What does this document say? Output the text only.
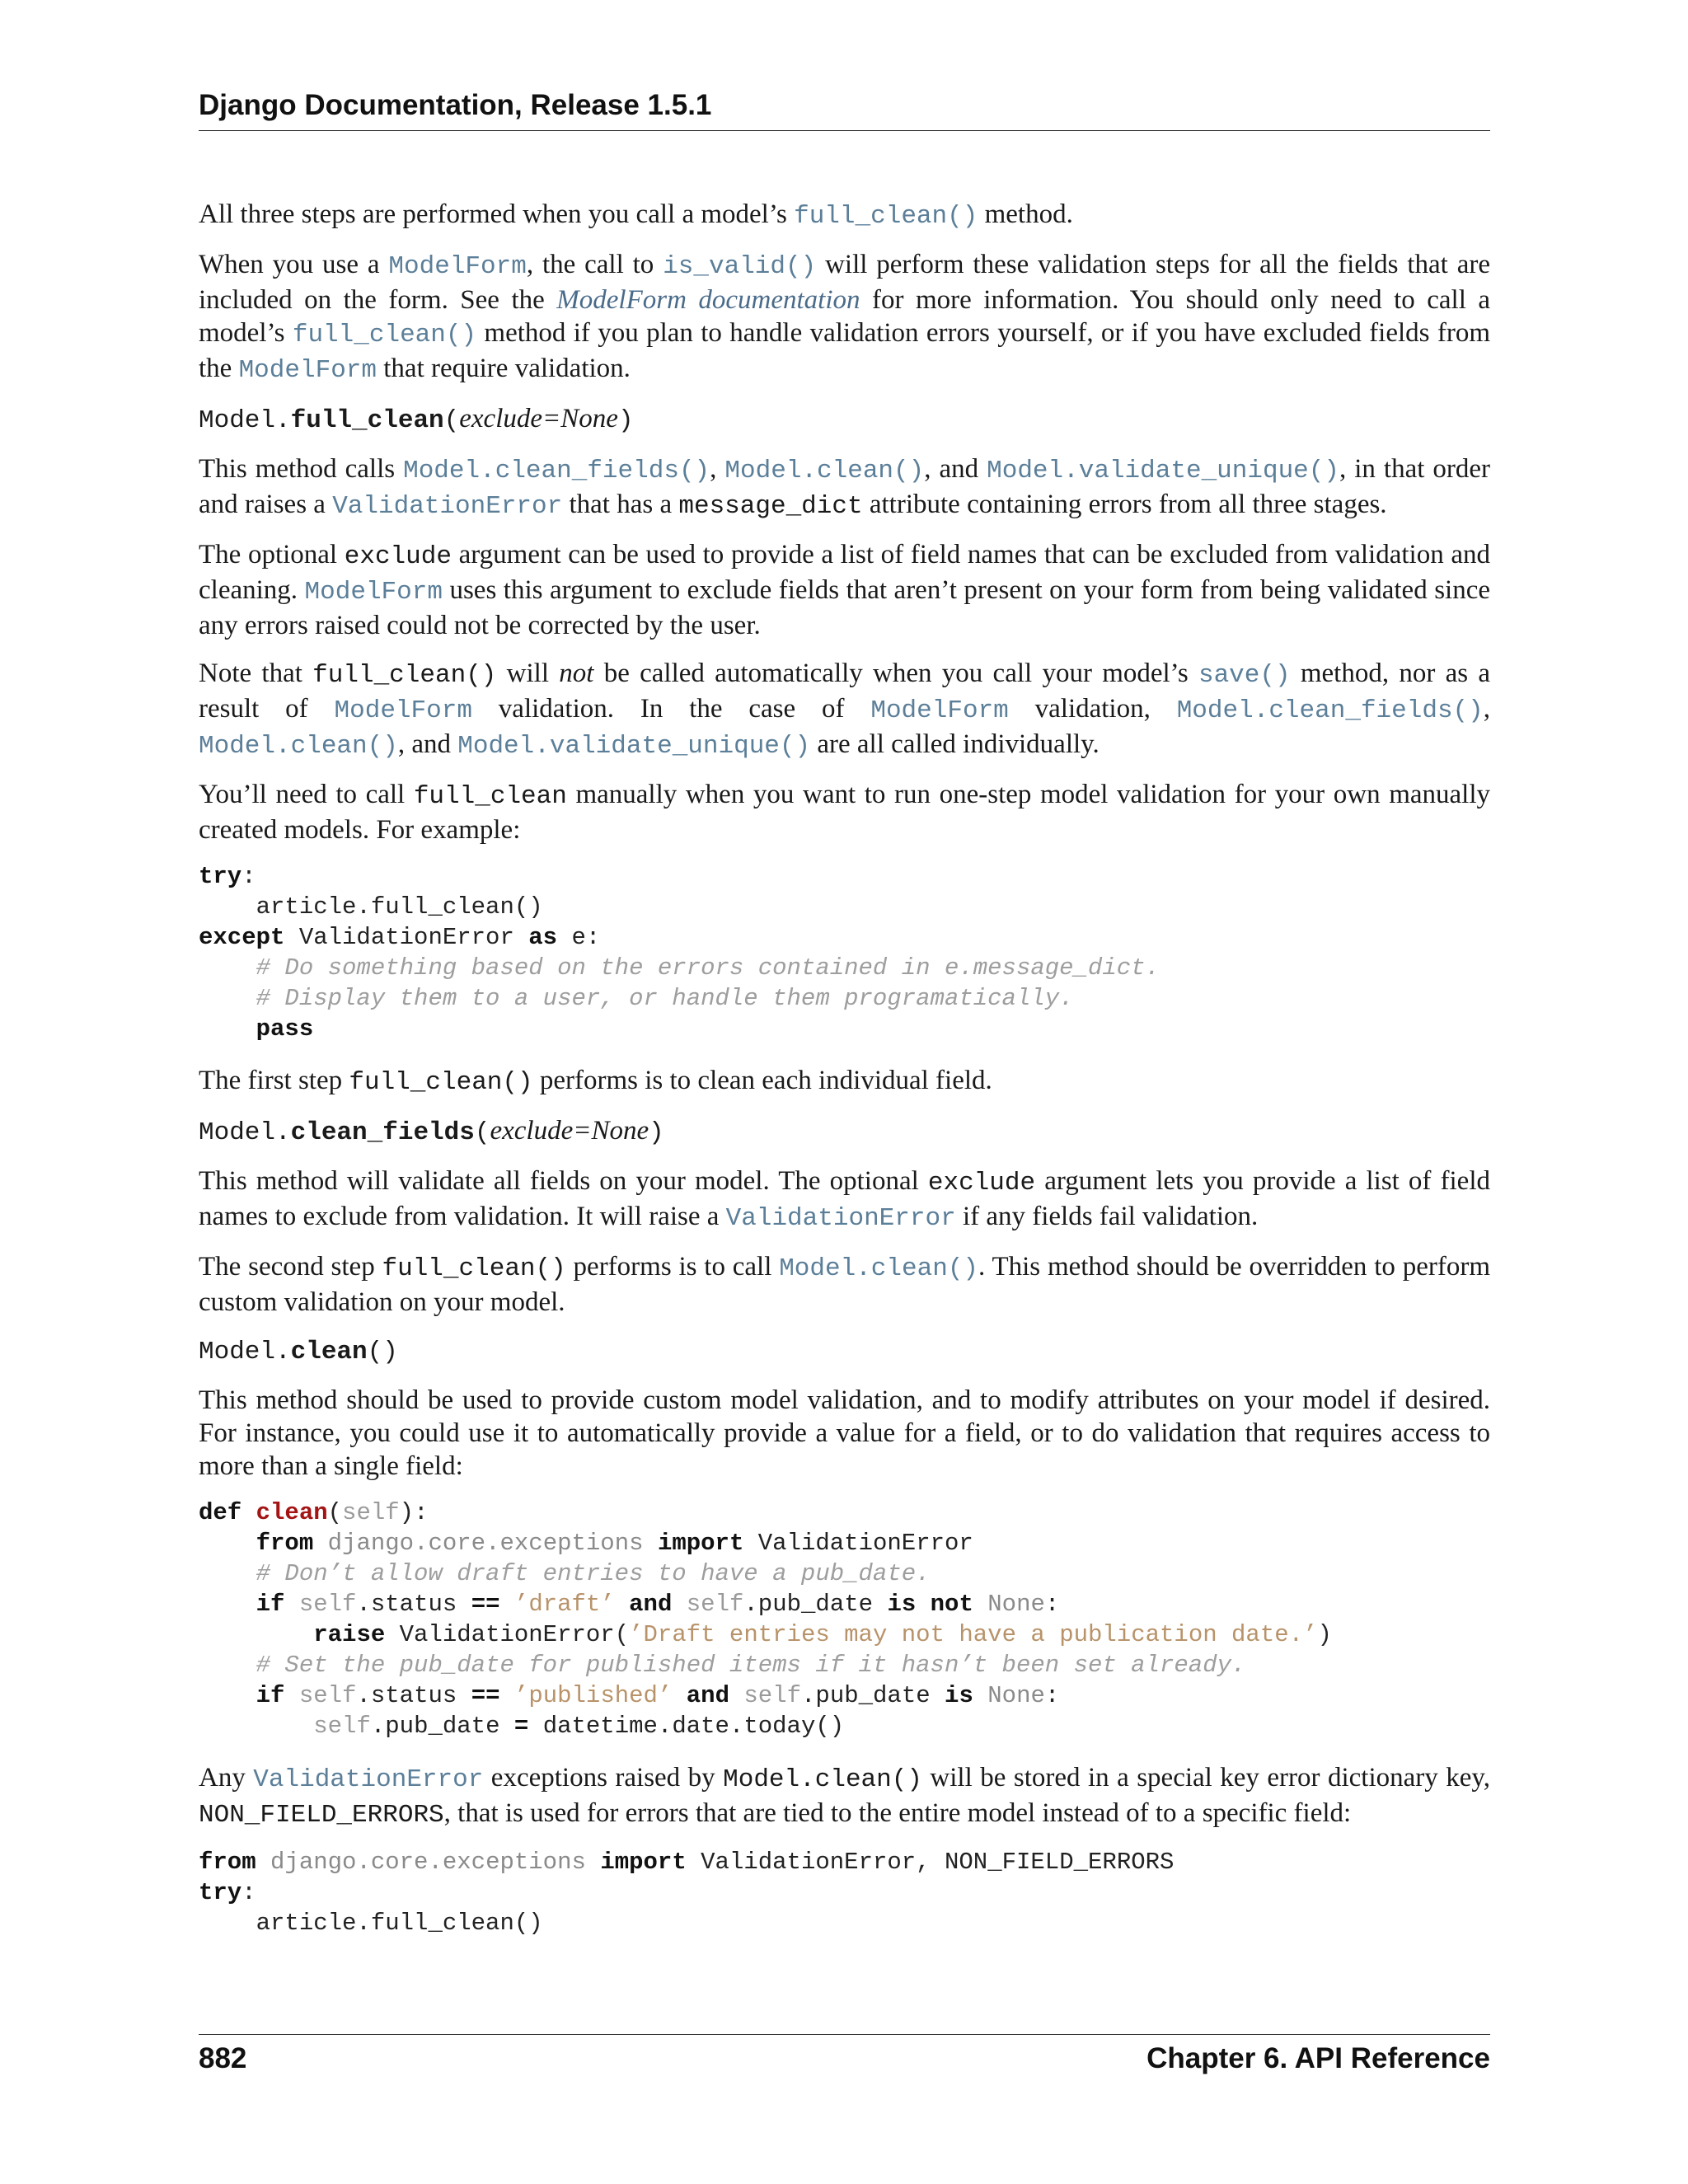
Django Documentation, Release 1.5.1

All three steps are performed when you call a model’s full_clean() method.

When you use a ModelForm, the call to is_valid() will perform these validation steps for all the fields that are included on the form. See the ModelForm documentation for more information. You should only need to call a model’s full_clean() method if you plan to handle validation errors yourself, or if you have excluded fields from the ModelForm that require validation.

Model.full_clean(exclude=None)

This method calls Model.clean_fields(), Model.clean(), and Model.validate_unique(), in that order and raises a ValidationError that has a message_dict attribute containing errors from all three stages.

The optional exclude argument can be used to provide a list of field names that can be excluded from validation and cleaning. ModelForm uses this argument to exclude fields that aren’t present on your form from being validated since any errors raised could not be corrected by the user.

Note that full_clean() will not be called automatically when you call your model’s save() method, nor as a result of ModelForm validation. In the case of ModelForm validation, Model.clean_fields(), Model.clean(), and Model.validate_unique() are all called individually.

You’ll need to call full_clean manually when you want to run one-step model validation for your own manually created models. For example:

try:
article.full_clean()
except ValidationError as e:
# Do something based on the errors contained in e.message_dict.
# Display them to a user, or handle them programatically.
pass

The first step full_clean() performs is to clean each individual field.

Model.clean_fields(exclude=None)

This method will validate all fields on your model. The optional exclude argument lets you provide a list of field names to exclude from validation. It will raise a ValidationError if any fields fail validation.

The second step full_clean() performs is to call Model.clean(). This method should be overridden to perform custom validation on your model.

Model.clean()

This method should be used to provide custom model validation, and to modify attributes on your model if desired. For instance, you could use it to automatically provide a value for a field, or to do validation that requires access to more than a single field:

def clean(self):
from django.core.exceptions import ValidationError
# Don’t allow draft entries to have a pub_date.
if self.status == ’draft’ and self.pub_date is not None:
raise ValidationError(’Draft entries may not have a publication date.’)
# Set the pub_date for published items if it hasn’t been set already.
if self.status == ’published’ and self.pub_date is None:
self.pub_date = datetime.date.today()

Any ValidationError exceptions raised by Model.clean() will be stored in a special key error dictionary key, NON_FIELD_ERRORS, that is used for errors that are tied to the entire model instead of to a specific field:

from django.core.exceptions import ValidationError, NON_FIELD_ERRORS
try:
article.full_clean()
882	Chapter 6. API Reference
